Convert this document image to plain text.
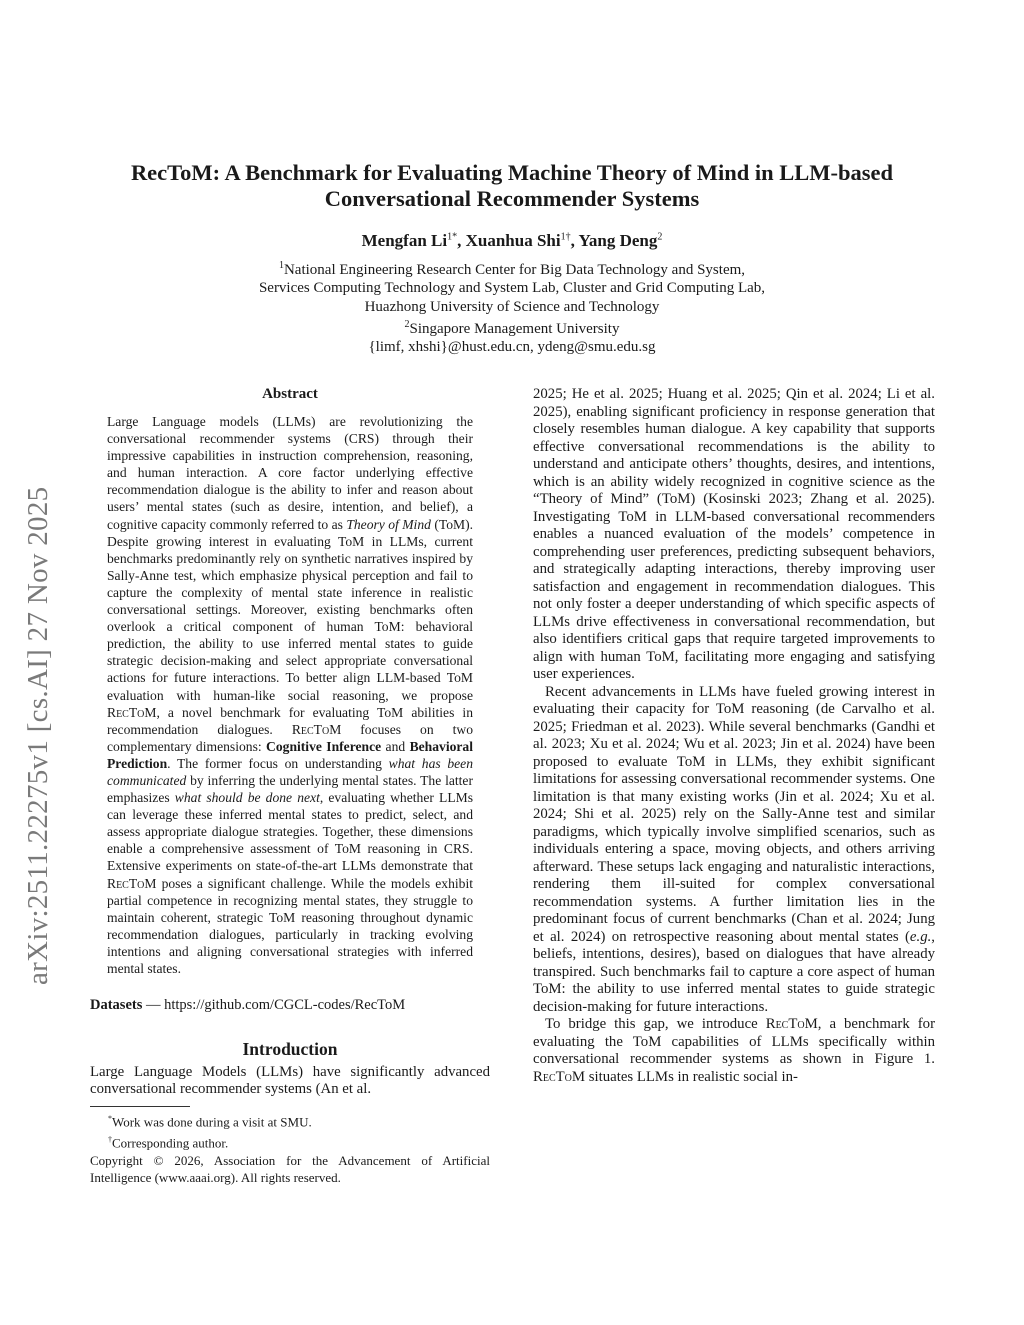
arXiv:2511.22275v1 [cs.AI] 27 Nov 2025
RecToM: A Benchmark for Evaluating Machine Theory of Mind in LLM-based
Conversational Recommender Systems
Mengfan $Li^{1*}$, Xuanhua Shi$^{1\dagger}$, Yang Deng$^2$
$^1$National Engineering Research Center for Big Data Technology and System,
Services Computing Technology and System Lab, Cluster and Grid Computing Lab,
Huazhong University of Science and Technology
$^2$Singapore Management University
{limf, xhshi}@hust.edu.cn, ydeng@smu.edu.sg
Abstract

Large Language models (LLMs) are revolutionizing the conversational recommender systems (CRS) through their impressive capabilities in instruction comprehension, reasoning, and human interaction. A core factor underlying effective recommendation dialogue is the ability to infer and reason about users’ mental states (such as desire, intention, and belief), a cognitive capacity commonly referred to as Theory of Mind (ToM). Despite growing interest in evaluating ToM in LLMs, current benchmarks predominantly rely on synthetic narratives inspired by Sally-Anne test, which emphasize physical perception and fail to capture the complexity of mental state inference in realistic conversational settings. Moreover, existing benchmarks often overlook a critical component of human ToM: behavioral prediction, the ability to use inferred mental states to guide strategic decision-making and select appropriate conversational actions for future interactions. To better align LLM-based ToM evaluation with human-like social reasoning, we propose RecToM, a novel benchmark for evaluating ToM abilities in recommendation dialogues. RecToM focuses on two complementary dimensions: Cognitive Inference and Behavioral Prediction. The former focus on understanding what has been communicated by inferring the underlying mental states. The latter emphasizes what should be done next, evaluating whether LLMs can leverage these inferred mental states to predict, select, and assess appropriate dialogue strategies. Together, these dimensions enable a comprehensive assessment of ToM reasoning in CRS. Extensive experiments on state-of-the-art LLMs demonstrate that RecToM poses a significant challenge. While the models exhibit partial competence in recognizing mental states, they struggle to maintain coherent, strategic ToM reasoning throughout dynamic recommendation dialogues, particularly in tracking evolving intentions and aligning conversational strategies with inferred mental states.

Datasets — https://github.com/CGCL-codes/RecToM

Introduction

Large Language Models (LLMs) have significantly advanced conversational recommender systems (An et al.

*Work was done during a visit at SMU.
†Corresponding author.
Copyright © 2026, Association for the Advancement of Artificial Intelligence (www.aaai.org). All rights reserved.

2025; He et al. 2025; Huang et al. 2025; Qin et al. 2024; Li et al. 2025), enabling significant proficiency in response generation that closely resembles human dialogue. A key capability that supports effective conversational recommendations is the ability to understand and anticipate others’ thoughts, desires, and intentions, which is an ability widely recognized in cognitive science as the “Theory of Mind” (ToM) (Kosinski 2023; Zhang et al. 2025). Investigating ToM in LLM-based conversational recommenders enables a nuanced evaluation of the models’ competence in comprehending user preferences, predicting subsequent behaviors, and strategically adapting interactions, thereby improving user satisfaction and engagement in recommendation dialogues. This not only foster a deeper understanding of which specific aspects of LLMs drive effectiveness in conversational recommendation, but also identifiers critical gaps that require targeted improvements to align with human ToM, facilitating more engaging and satisfying user experiences.

Recent advancements in LLMs have fueled growing interest in evaluating their capacity for ToM reasoning (de Carvalho et al. 2025; Friedman et al. 2023). While several benchmarks (Gandhi et al. 2023; Xu et al. 2024; Wu et al. 2023; Jin et al. 2024) have been proposed to evaluate ToM in LLMs, they exhibit significant limitations for assessing conversational recommender systems. One limitation is that many existing works (Jin et al. 2024; Xu et al. 2024; Shi et al. 2025) rely on the Sally-Anne test and similar paradigms, which typically involve simplified scenarios, such as individuals entering a space, moving objects, and others arriving afterward. These setups lack engaging and naturalistic interactions, rendering them ill-suited for complex conversational recommendation systems. A further limitation lies in the predominant focus of current benchmarks (Chan et al. 2024; Jung et al. 2024) on retrospective reasoning about mental states (e.g., beliefs, intentions, desires), based on dialogues that have already transpired. Such benchmarks fail to capture a core aspect of human ToM: the ability to use inferred mental states to guide strategic decision-making for future interactions.

To bridge this gap, we introduce RecToM, a benchmark for evaluating the ToM capabilities of LLMs specifically within conversational recommender systems as shown in Figure 1. RecToM situates LLMs in realistic social in-
